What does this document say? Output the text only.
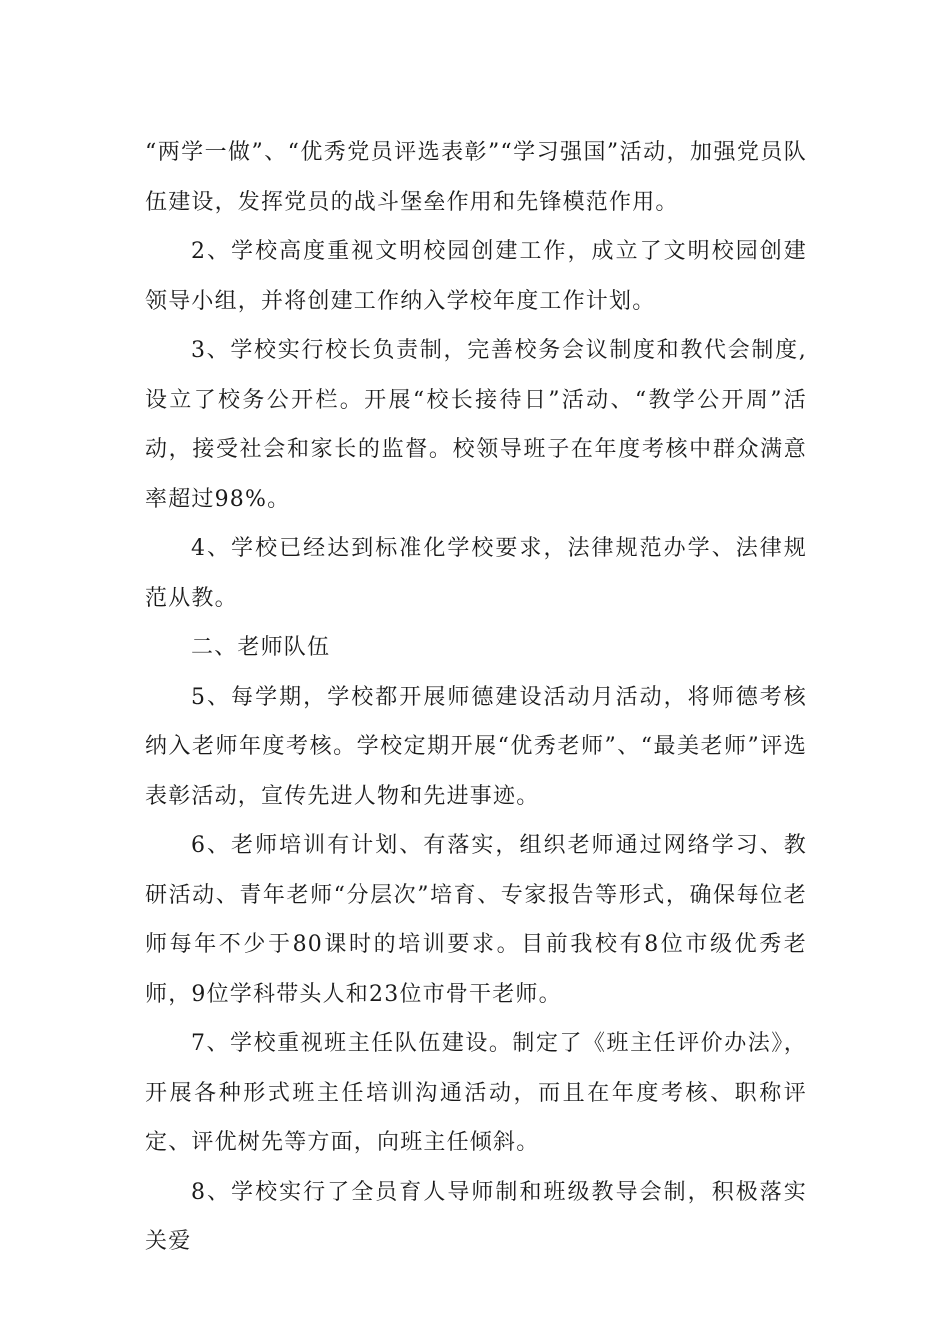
“两学一做”、“优秀党员评选表彰”“学习强国”活动，加强党员队伍建设，发挥党员的战斗堡垒作用和先锋模范作用。

2、学校高度重视文明校园创建工作，成立了文明校园创建领导小组，并将创建工作纳入学校年度工作计划。

3、学校实行校长负责制，完善校务会议制度和教代会制度,设立了校务公开栏。开展“校长接待日”活动、“教学公开周”活动，接受社会和家长的监督。校领导班子在年度考核中群众满意率超过98%。

4、学校已经达到标准化学校要求，法律规范办学、法律规范从教。

二、老师队伍

5、每学期，学校都开展师德建设活动月活动，将师德考核纳入老师年度考核。学校定期开展“优秀老师”、“最美老师”评选表彰活动，宣传先进人物和先进事迹。

6、老师培训有计划、有落实，组织老师通过网络学习、教研活动、青年老师“分层次”培育、专家报告等形式，确保每位老师每年不少于80课时的培训要求。目前我校有8位市级优秀老师，9位学科带头人和23位市骨干老师。

7、学校重视班主任队伍建设。制定了《班主任评价办法》，开展各种形式班主任培训沟通活动，而且在年度考核、职称评定、评优树先等方面，向班主任倾斜。

8、学校实行了全员育人导师制和班级教导会制，积极落实关爱
